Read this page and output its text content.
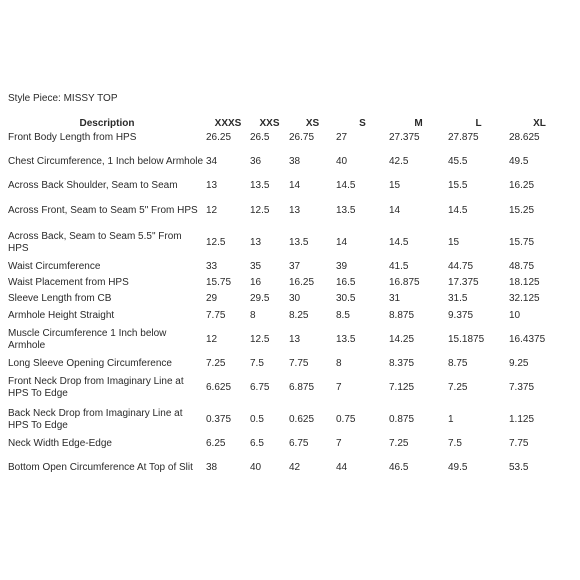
Style Piece: MISSY TOP
Description	XXXS	XXS	XS	S	M	L	XL
Front Body Length from HPS	26.25	26.5	26.75	27	27.375	27.875	28.625
Chest Circumference, 1 Inch below Armhole	34	36	38	40	42.5	45.5	49.5
Across Back Shoulder, Seam to Seam	13	13.5	14	14.5	15	15.5	16.25
Across Front, Seam to Seam 5" From HPS	12	12.5	13	13.5	14	14.5	15.25
Across Back, Seam to Seam 5.5" From HPS	12.5	13	13.5	14	14.5	15	15.75
Waist Circumference	33	35	37	39	41.5	44.75	48.75
Waist Placement from HPS	15.75	16	16.25	16.5	16.875	17.375	18.125
Sleeve Length from CB	29	29.5	30	30.5	31	31.5	32.125
Armhole Height Straight	7.75	8	8.25	8.5	8.875	9.375	10
Muscle Circumference 1 Inch below Armhole	12	12.5	13	13.5	14.25	15.1875	16.4375
Long Sleeve Opening Circumference	7.25	7.5	7.75	8	8.375	8.75	9.25
Front Neck Drop from Imaginary Line at HPS To Edge	6.625	6.75	6.875	7	7.125	7.25	7.375
Back Neck Drop from Imaginary Line at HPS To Edge	0.375	0.5	0.625	0.75	0.875	1	1.125
Neck Width Edge-Edge	6.25	6.5	6.75	7	7.25	7.5	7.75
Bottom Open Circumference At Top of Slit	38	40	42	44	46.5	49.5	53.5
